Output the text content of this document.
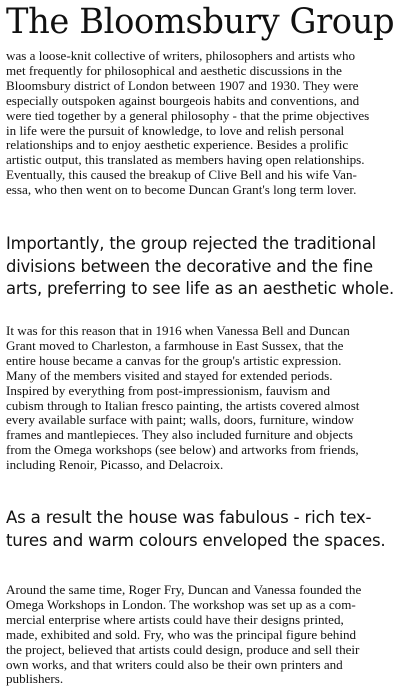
The Bloomsbury Group

was a loose-knit collective of writers, philosophers and artists who
met frequently for philosophical and aesthetic discussions in the
Bloomsbury district of London between 1907 and 1930. They were
especially outspoken against bourgeois habits and conventions, and
were tied together by a general philosophy - that the prime objectives
in life were the pursuit of knowledge, to love and relish personal
relationships and to enjoy aesthetic experience. Besides a prolific
artistic output, this translated as members having open relationships.
Eventually, this caused the breakup of Clive Bell and his wife Van-
essa, who then went on to become Duncan Grant's long term lover.

Importantly, the group rejected the traditional
divisions between the decorative and the fine
arts, preferring to see life as an aesthetic whole.

It was for this reason that in 1916 when Vanessa Bell and Duncan
Grant moved to Charleston, a farmhouse in East Sussex, that the
entire house became a canvas for the group's artistic expression.
Many of the members visited and stayed for extended periods.
Inspired by everything from post-impressionism, fauvism and
cubism through to Italian fresco painting, the artists covered almost
every available surface with paint; walls, doors, furniture, window
frames and mantlepieces. They also included furniture and objects
from the Omega workshops (see below) and artworks from friends,
including Renoir, Picasso, and Delacroix.

As a result the house was fabulous - rich tex-
tures and warm colours enveloped the spaces.

Around the same time, Roger Fry, Duncan and Vanessa founded the
Omega Workshops in London. The workshop was set up as a com-
mercial enterprise where artists could have their designs printed,
made, exhibited and sold. Fry, who was the principal figure behind
the project, believed that artists could design, produce and sell their
own works, and that writers could also be their own printers and
publishers.
